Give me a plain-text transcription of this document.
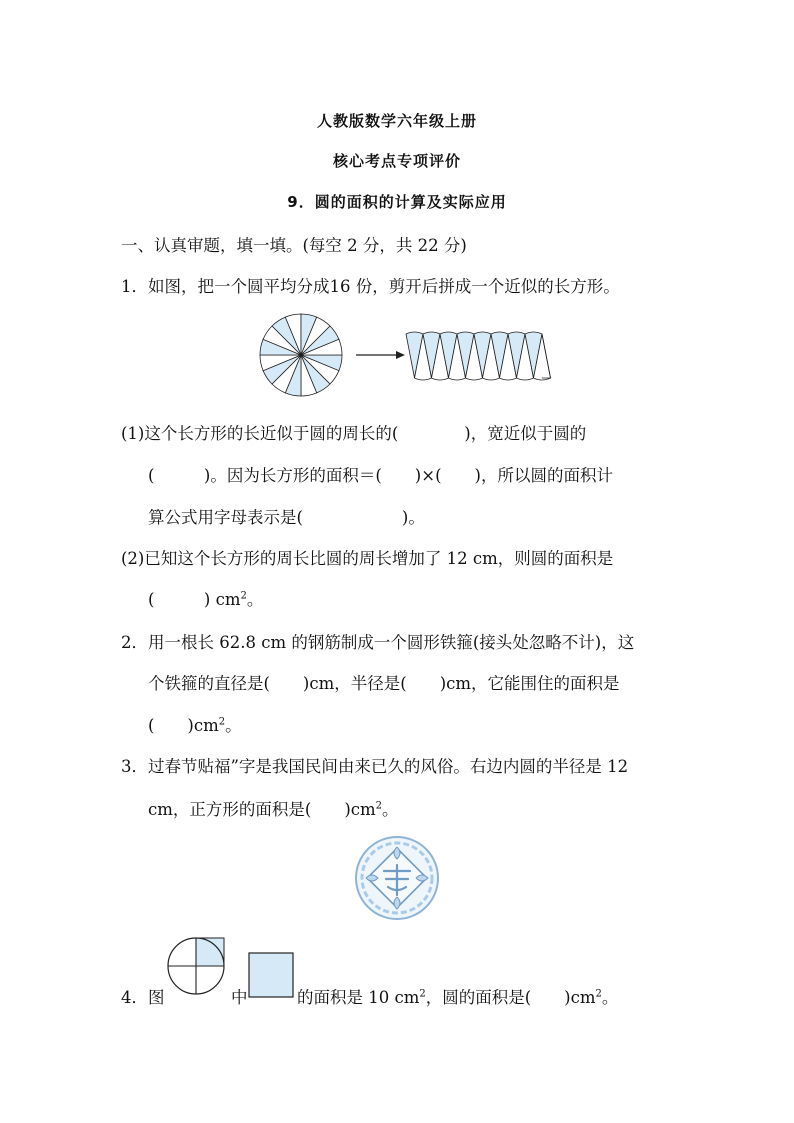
人教版数学六年级上册
核心考点专项评价
9．圆的面积的计算及实际应用
一、认真审题，填一填。(每空 2 分，共 22 分)
1．如图，把一个圆平均分成16 份，剪开后拼成一个近似的长方形。
(1)这个长方形的长近似于圆的周长的(　　　　)，宽近似于圆的
(　　　)。因为长方形的面积＝(　　)×(　　)，所以圆的面积计
算公式用字母表示是(　　　　　　)。
(2)已知这个长方形的周长比圆的周长增加了 12 cm，则圆的面积是
(　　　) $cm^2$。
2．用一根长 62.8 cm 的钢筋制成一个圆形铁箍(接头处忽略不计)，这
个铁箍的直径是(　　)cm，半径是(　　)cm，它能围住的面积是
(　　)$cm^2$。
3．过春节贴福”字是我国民间由来已久的风俗。右边内圆的半径是 12
cm，正方形的面积是(　　)$cm^2$。
4．图	中	的面积是 10 $cm^2$，圆的面积是(　　)$cm^2$。
